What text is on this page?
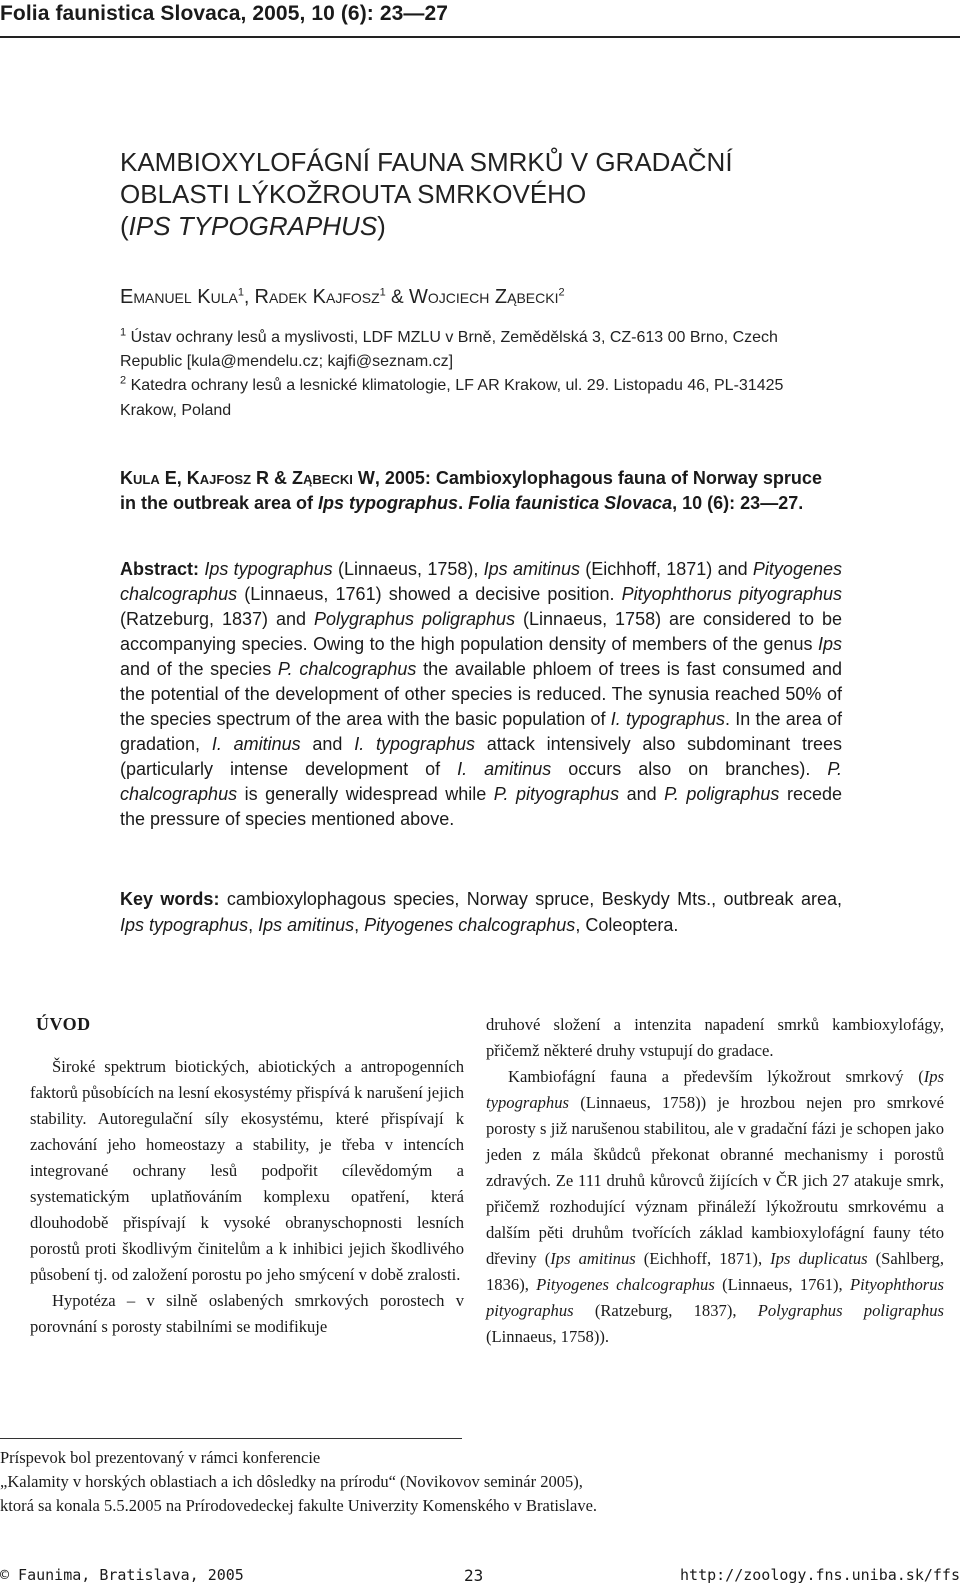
Folia faunistica Slovaca, 2005, 10 (6): 23—27
KAMBIOXYLOFÁGNÍ FAUNA SMRKŮ V GRADAČNÍ
OBLASTI LÝKOŽROUTA SMRKOVÉHO
(IPS TYPOGRAPHUS)
Emanuel Kula$^1$, Radek Kajfosz$^1$ & Wojciech Ząbecki$^2$
$^1$ Ústav ochrany lesů a myslivosti, LDF MZLU v Brně, Zemědělská 3, CZ-613 00 Brno, Czech Republic [kula@mendelu.cz; kajfi@seznam.cz]
$^2$ Katedra ochrany lesů a lesnické klimatologie, LF AR Krakow, ul. 29. Listopadu 46, PL-31425 Krakow, Poland
Kula E, Kajfosz R & Ząbecki W, 2005: Cambioxylophagous fauna of Norway spruce in the outbreak area of Ips typographus. Folia faunistica Slovaca, 10 (6): 23—27.
Abstract: Ips typographus (Linnaeus, 1758), Ips amitinus (Eichhoff, 1871) and Pityogenes chalcographus (Linnaeus, 1761) showed a decisive position. Pityophthorus pityographus (Ratzeburg, 1837) and Polygraphus poligraphus (Linnaeus, 1758) are considered to be accompanying species. Owing to the high population density of members of the genus Ips and of the species P. chalcographus the available phloem of trees is fast consumed and the potential of the development of other species is reduced. The synusia reached 50% of the species spectrum of the area with the basic population of I. typographus. In the area of gradation, I. amitinus and I. typographus attack intensively also subdominant trees (particularly intense development of I. amitinus occurs also on branches). P. chalcographus is generally widespread while P. pityographus and P. poligraphus recede the pressure of species mentioned above.
Key words: cambioxylophagous species, Norway spruce, Beskydy Mts., outbreak area, Ips typographus, Ips amitinus, Pityogenes chalcographus, Coleoptera.
ÚVOD

Široké spektrum biotických, abiotických a antropogenních faktorů působících na lesní ekosystémy přispívá k narušení jejich stability. Autoregulační síly ekosystému, které přispívají k zachování jeho homeostazy a stability, je třeba v intencích integrované ochrany lesů podpořit cílevědomým a systematickým uplatňováním komplexu opatření, která dlouhodobě přispívají k vysoké obranyschopnosti lesních porostů proti škodlivým činitelům a k inhibici jejich škodlivého působení tj. od založení porostu po jeho smýcení v době zralosti.

Hypotéza – v silně oslabených smrkových porostech v porovnání s porosty stabilními se modifikuje

druhové složení a intenzita napadení smrků kambioxylofágy, přičemž některé druhy vstupují do gradace.

Kambiofágní fauna a především lýkožrout smrkový (Ips typographus (Linnaeus, 1758)) je hrozbou nejen pro smrkové porosty s již narušenou stabilitou, ale v gradační fázi je schopen jako jeden z mála škůdců překonat obranné mechanismy i porostů zdravých. Ze 111 druhů kůrovců žijících v ČR jich 27 atakuje smrk, přičemž rozhodující význam přináleží lýkožroutu smrkovému a dalším pěti druhům tvořících základ kambioxylofágní fauny této dřeviny (Ips amitinus (Eichhoff, 1871), Ips duplicatus (Sahlberg, 1836), Pityogenes chalcographus (Linnaeus, 1761), Pityophthorus pityographus (Ratzeburg, 1837), Polygraphus poligraphus (Linnaeus, 1758)).

Príspevok bol prezentovaný v rámci konferencie
„Kalamity v horských oblastiach a ich dôsledky na prírodu“ (Novikovov seminár 2005),
ktorá sa konala 5.5.2005 na Prírodovedeckej fakulte Univerzity Komenského v Bratislave.
© Faunima, Bratislava, 2005	23	http://zoology.fns.uniba.sk/ffs
